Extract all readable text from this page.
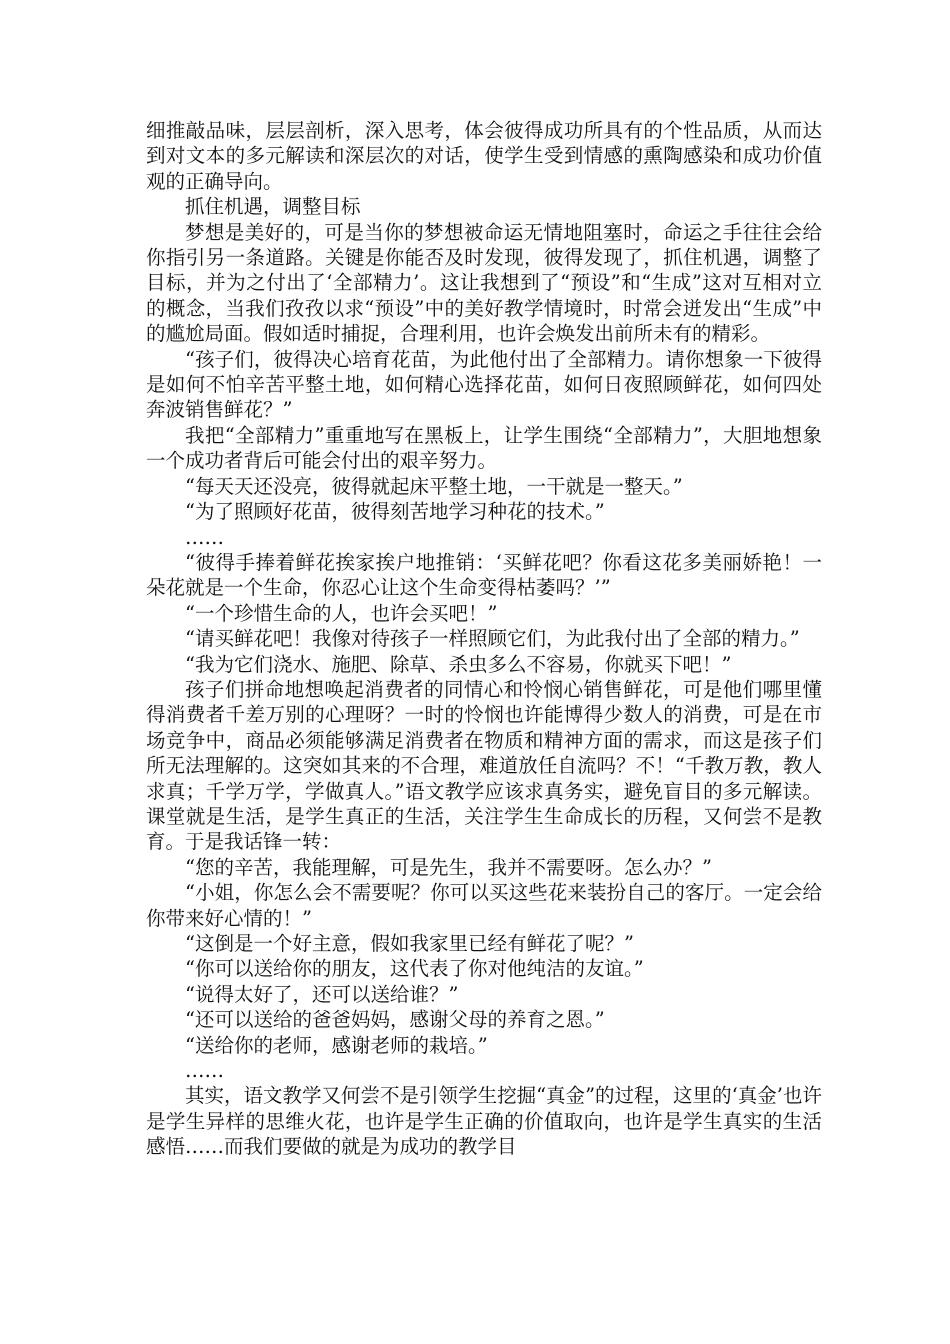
细推敲品味，层层剖析，深入思考，体会彼得成功所具有的个性品质，从而达到对文本的多元解读和深层次的对话，使学生受到情感的熏陶感染和成功价值观的正确导向。

抓住机遇，调整目标

梦想是美好的，可是当你的梦想被命运无情地阻塞时，命运之手往往会给你指引另一条道路。关键是你能否及时发现，彼得发现了，抓住机遇，调整了目标，并为之付出了‘全部精力’。这让我想到了“预设”和“生成”这对互相对立的概念，当我们孜孜以求“预设”中的美好教学情境时，时常会迸发出“生成”中的尴尬局面。假如适时捕捉，合理利用，也许会焕发出前所未有的精彩。

“孩子们，彼得决心培育花苗，为此他付出了全部精力。请你想象一下彼得是如何不怕辛苦平整土地，如何精心选择花苗，如何日夜照顾鲜花，如何四处奔波销售鲜花？”

我把“全部精力”重重地写在黑板上，让学生围绕“全部精力”，大胆地想象一个成功者背后可能会付出的艰辛努力。

“每天天还没亮，彼得就起床平整土地，一干就是一整天。”

“为了照顾好花苗，彼得刻苦地学习种花的技术。”

……

“彼得手捧着鲜花挨家挨户地推销：‘买鲜花吧？你看这花多美丽娇艳！一朵花就是一个生命，你忍心让这个生命变得枯萎吗？’”

“一个珍惜生命的人，也许会买吧！”

“请买鲜花吧！我像对待孩子一样照顾它们，为此我付出了全部的精力。”

“我为它们浇水、施肥、除草、杀虫多么不容易，你就买下吧！”

孩子们拼命地想唤起消费者的同情心和怜悯心销售鲜花，可是他们哪里懂得消费者千差万别的心理呀？一时的怜悯也许能博得少数人的消费，可是在市场竞争中，商品必须能够满足消费者在物质和精神方面的需求，而这是孩子们所无法理解的。这突如其来的不合理，难道放任自流吗？不！“千教万教，教人求真；千学万学，学做真人。”语文教学应该求真务实，避免盲目的多元解读。课堂就是生活，是学生真正的生活，关注学生生命成长的历程，又何尝不是教育。于是我话锋一转：

“您的辛苦，我能理解，可是先生，我并不需要呀。怎么办？”

“小姐，你怎么会不需要呢？你可以买这些花来装扮自己的客厅。一定会给你带来好心情的！”

“这倒是一个好主意，假如我家里已经有鲜花了呢？”

“你可以送给你的朋友，这代表了你对他纯洁的友谊。”

“说得太好了，还可以送给谁？”

“还可以送给的爸爸妈妈，感谢父母的养育之恩。”

“送给你的老师，感谢老师的栽培。”

……

其实，语文教学又何尝不是引领学生挖掘“真金”的过程，这里的‘真金’也许是学生异样的思维火花，也许是学生正确的价值取向，也许是学生真实的生活感悟……而我们要做的就是为成功的教学目
